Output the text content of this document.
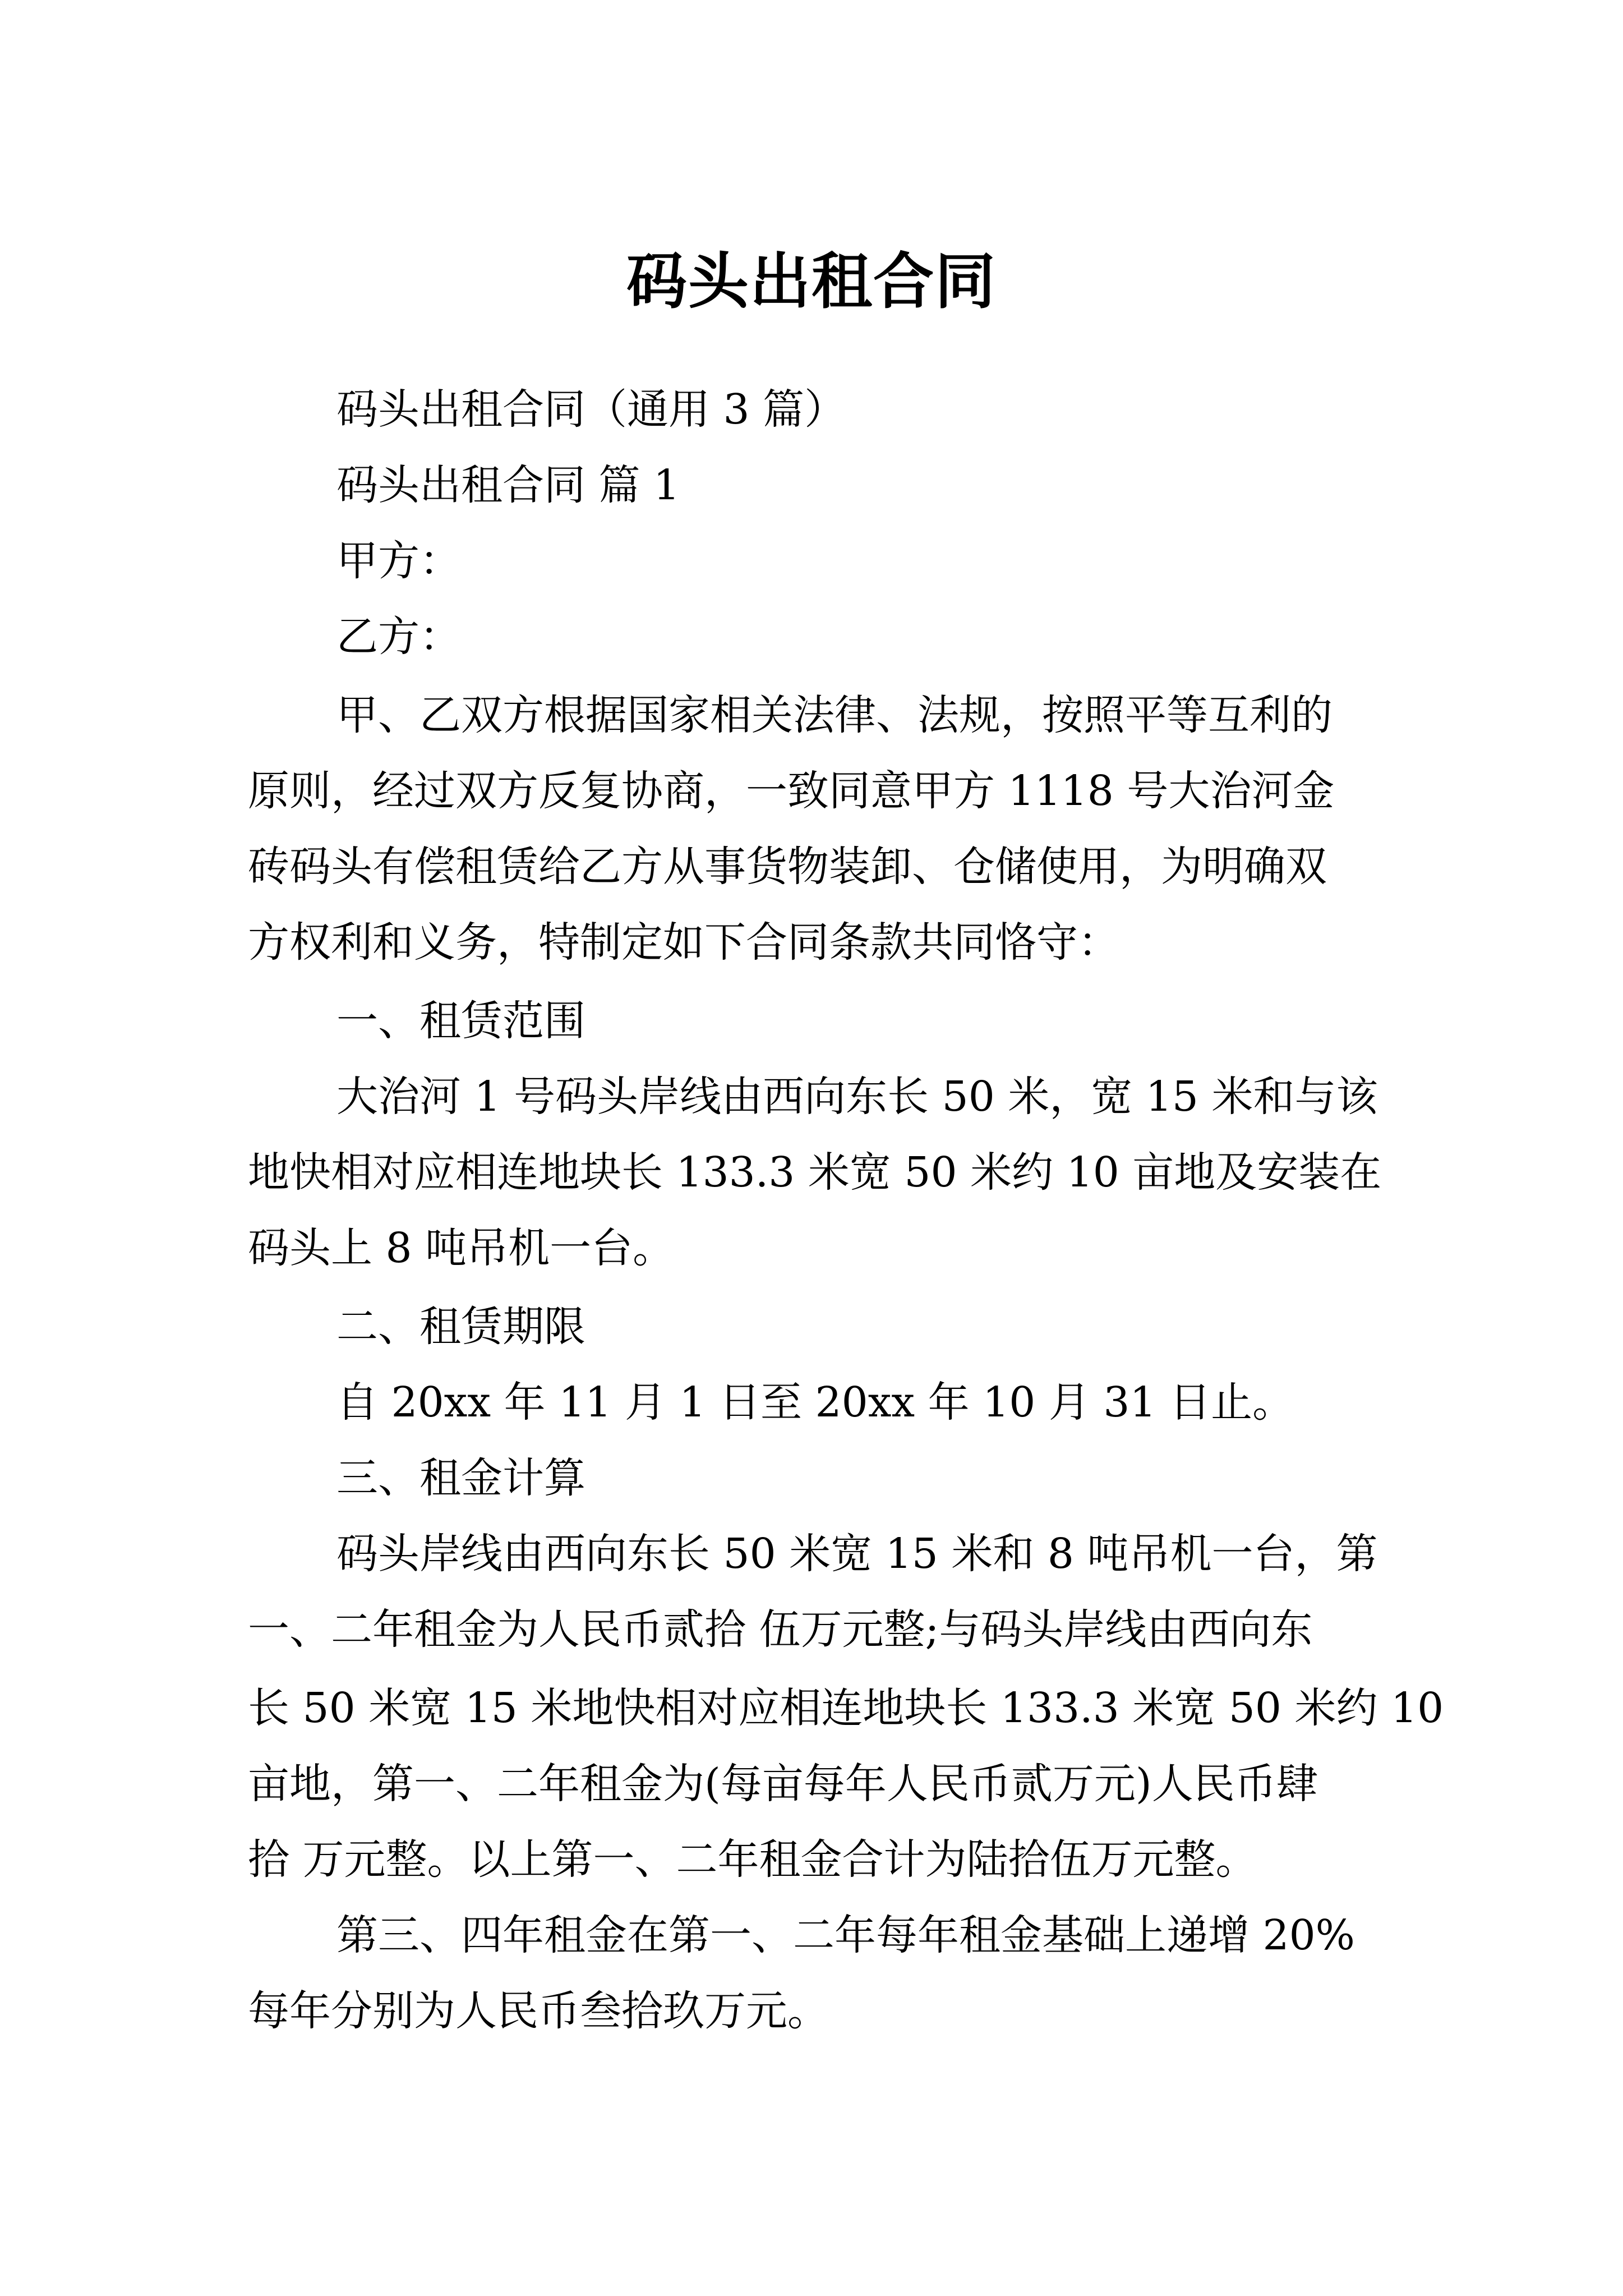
码头出租合同

码头出租合同（通用 3 篇）

码头出租合同 篇 1

甲方：

乙方：

甲、乙双方根据国家相关法律、法规，按照平等互利的

原则，经过双方反复协商，一致同意甲方 1118 号大治河金

砖码头有偿租赁给乙方从事货物装卸、仓储使用，为明确双

方权利和义务，特制定如下合同条款共同恪守：

一、租赁范围

大治河 1 号码头岸线由西向东长 50 米，宽 15 米和与该

地快相对应相连地块长 133.3 米宽 50 米约 10 亩地及安装在

码头上 8 吨吊机一台。

二、租赁期限

自 20xx 年 11 月 1 日至 20xx 年 10 月 31 日止。

三、租金计算

码头岸线由西向东长 50 米宽 15 米和 8 吨吊机一台，第

一、二年租金为人民币贰拾 伍万元整;与码头岸线由西向东

长 50 米宽 15 米地快相对应相连地块长 133.3 米宽 50 米约 10

亩地，第一、二年租金为(每亩每年人民币贰万元)人民币肆

拾 万元整。以上第一、二年租金合计为陆拾伍万元整。

第三、四年租金在第一、二年每年租金基础上递增 20%

每年分别为人民币叁拾玖万元。
